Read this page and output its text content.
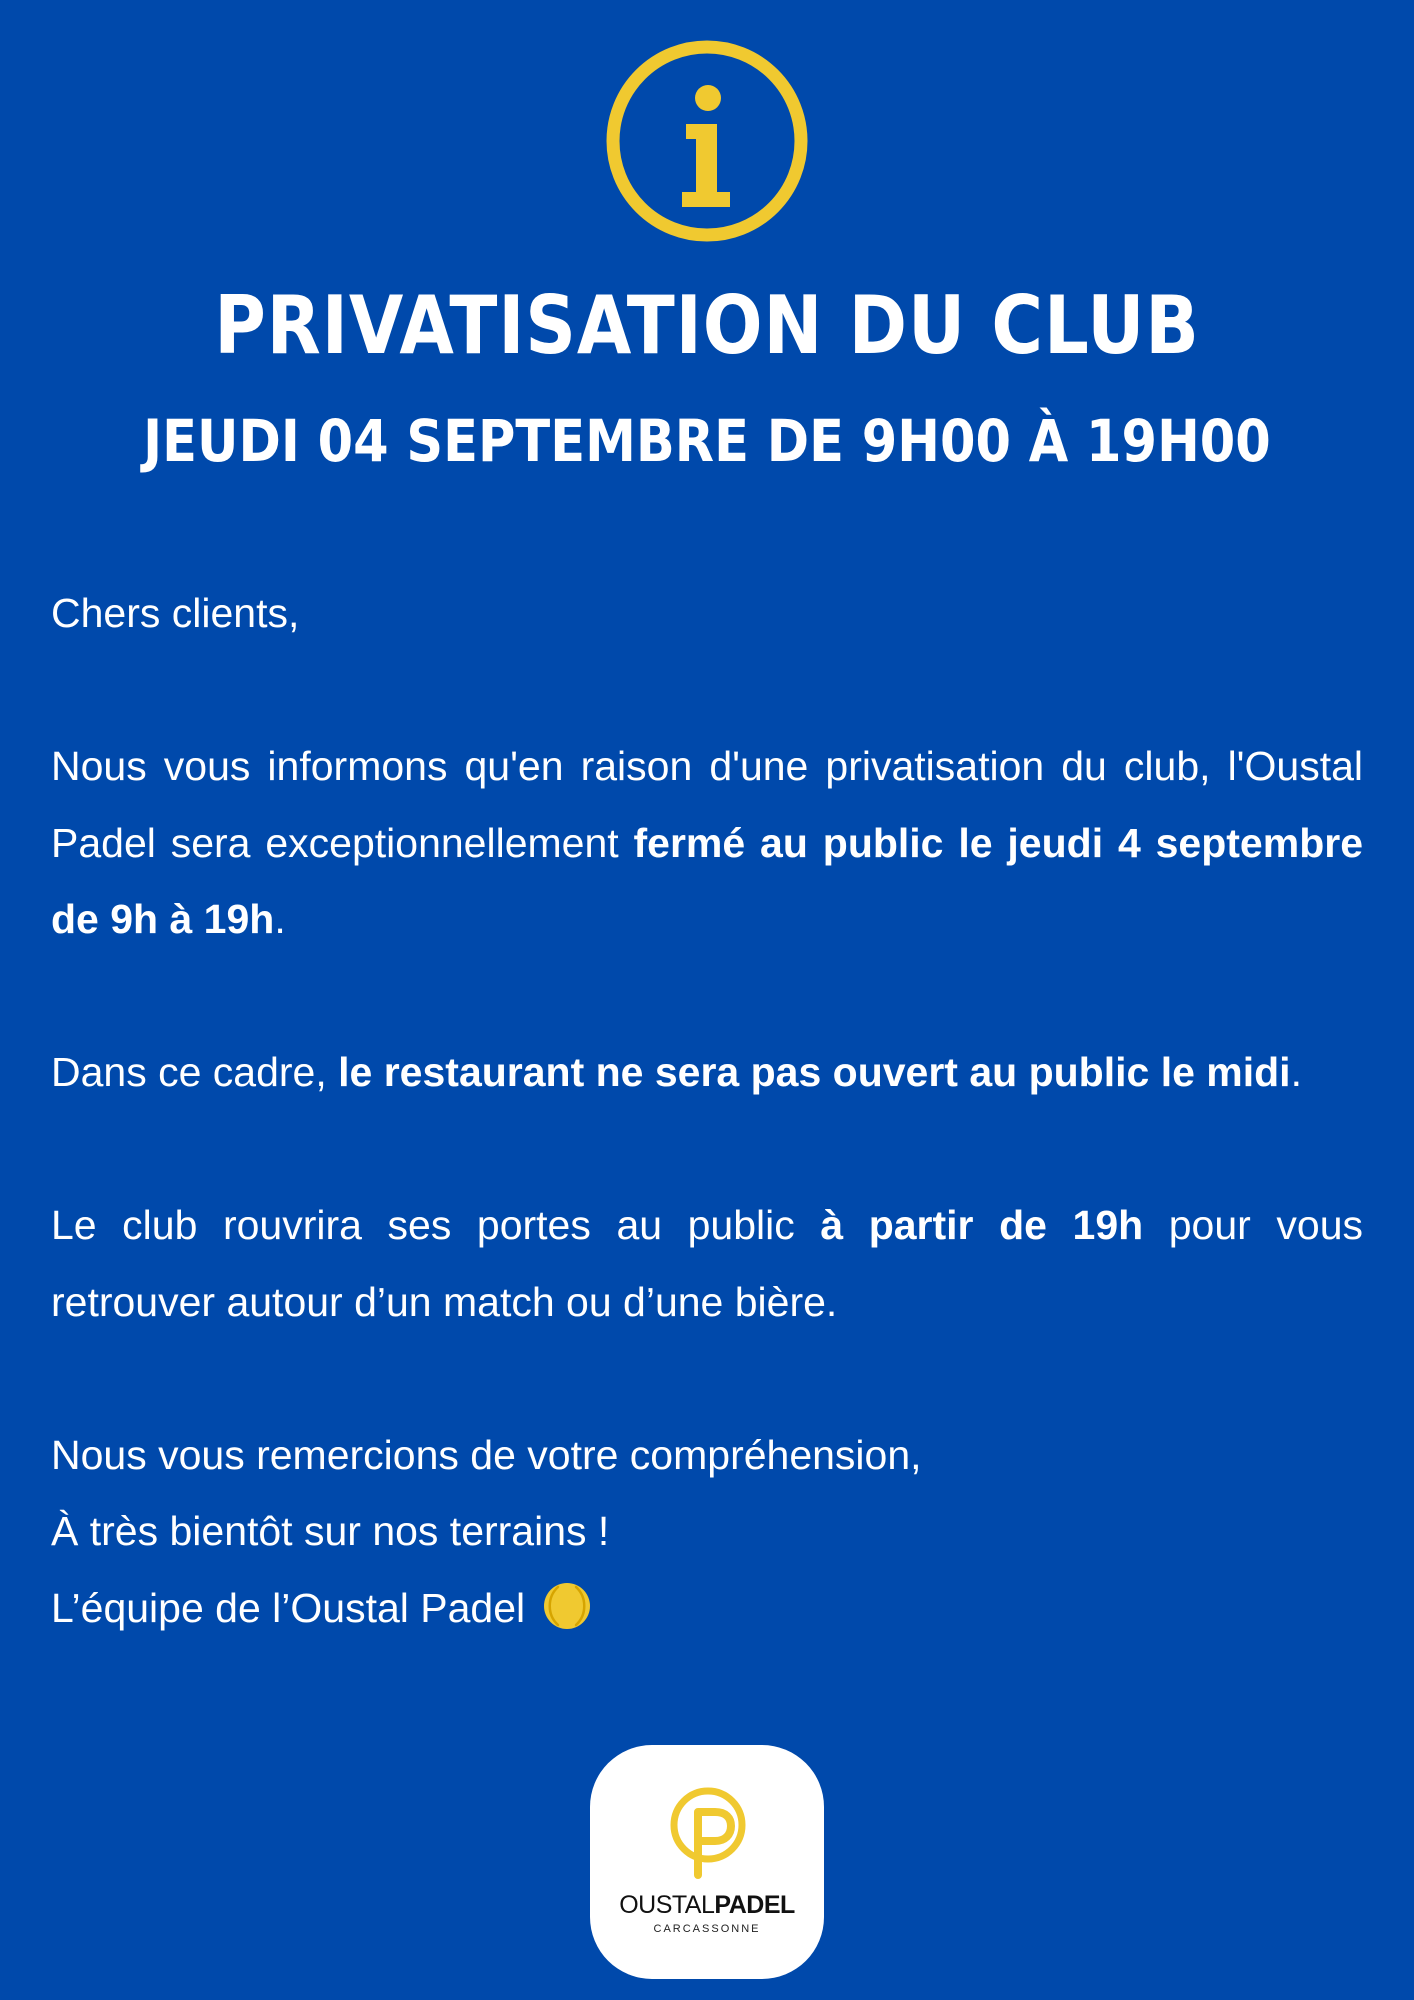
PRIVATISATION DU CLUB
JEUDI 04 SEPTEMBRE DE 9H00 À 19H00

Chers clients,

Nous vous informons qu'en raison d'une privatisation du club, l'Oustal Padel sera exceptionnellement fermé au public le jeudi 4 septembre de 9h à 19h.

Dans ce cadre, le restaurant ne sera pas ouvert au public le midi.

Le club rouvrira ses portes au public à partir de 19h pour vous retrouver autour d’un match ou d’une bière.

Nous vous remercions de votre compréhension,

À très bientôt sur nos terrains !

L’équipe de l’Oustal Padel

OUSTALPADEL
CARCASSONNE
